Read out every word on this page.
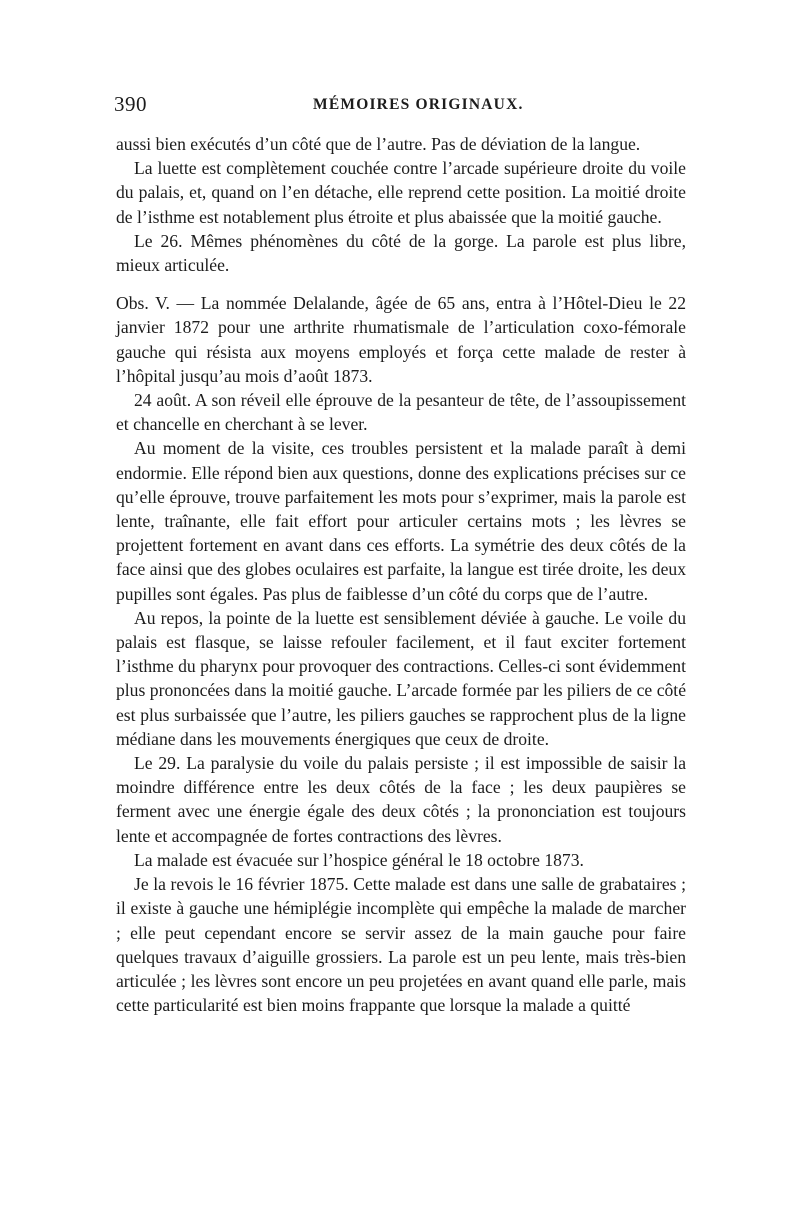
390	MÉMOIRES ORIGINAUX.

aussi bien exécutés d’un côté que de l’autre. Pas de déviation de la langue.

La luette est complètement couchée contre l’arcade supérieure droite du voile du palais, et, quand on l’en détache, elle reprend cette position. La moitié droite de l’isthme est notablement plus étroite et plus abaissée que la moitié gauche.

Le 26. Mêmes phénomènes du côté de la gorge. La parole est plus libre, mieux articulée.

Obs. V. — La nommée Delalande, âgée de 65 ans, entra à l’Hôtel-Dieu le 22 janvier 1872 pour une arthrite rhumatismale de l’articulation coxo-fémorale gauche qui résista aux moyens employés et força cette malade de rester à l’hôpital jusqu’au mois d’août 1873.

24 août. A son réveil elle éprouve de la pesanteur de tête, de l’assoupissement et chancelle en cherchant à se lever.

Au moment de la visite, ces troubles persistent et la malade paraît à demi endormie. Elle répond bien aux questions, donne des explications précises sur ce qu’elle éprouve, trouve parfaitement les mots pour s’exprimer, mais la parole est lente, traînante, elle fait effort pour articuler certains mots ; les lèvres se projettent fortement en avant dans ces efforts. La symétrie des deux côtés de la face ainsi que des globes oculaires est parfaite, la langue est tirée droite, les deux pupilles sont égales. Pas plus de faiblesse d’un côté du corps que de l’autre.

Au repos, la pointe de la luette est sensiblement déviée à gauche. Le voile du palais est flasque, se laisse refouler facilement, et il faut exciter fortement l’isthme du pharynx pour provoquer des contractions. Celles-ci sont évidemment plus prononcées dans la moitié gauche. L’arcade formée par les piliers de ce côté est plus surbaissée que l’autre, les piliers gauches se rapprochent plus de la ligne médiane dans les mouvements énergiques que ceux de droite.

Le 29. La paralysie du voile du palais persiste ; il est impossible de saisir la moindre différence entre les deux côtés de la face ; les deux paupières se ferment avec une énergie égale des deux côtés ; la prononciation est toujours lente et accompagnée de fortes contractions des lèvres.

La malade est évacuée sur l’hospice général le 18 octobre 1873.

Je la revois le 16 février 1875. Cette malade est dans une salle de grabataires ; il existe à gauche une hémiplégie incomplète qui empêche la malade de marcher ; elle peut cependant encore se servir assez de la main gauche pour faire quelques travaux d’aiguille grossiers. La parole est un peu lente, mais très-bien articulée ; les lèvres sont encore un peu projetées en avant quand elle parle, mais cette particularité est bien moins frappante que lorsque la malade a quitté
